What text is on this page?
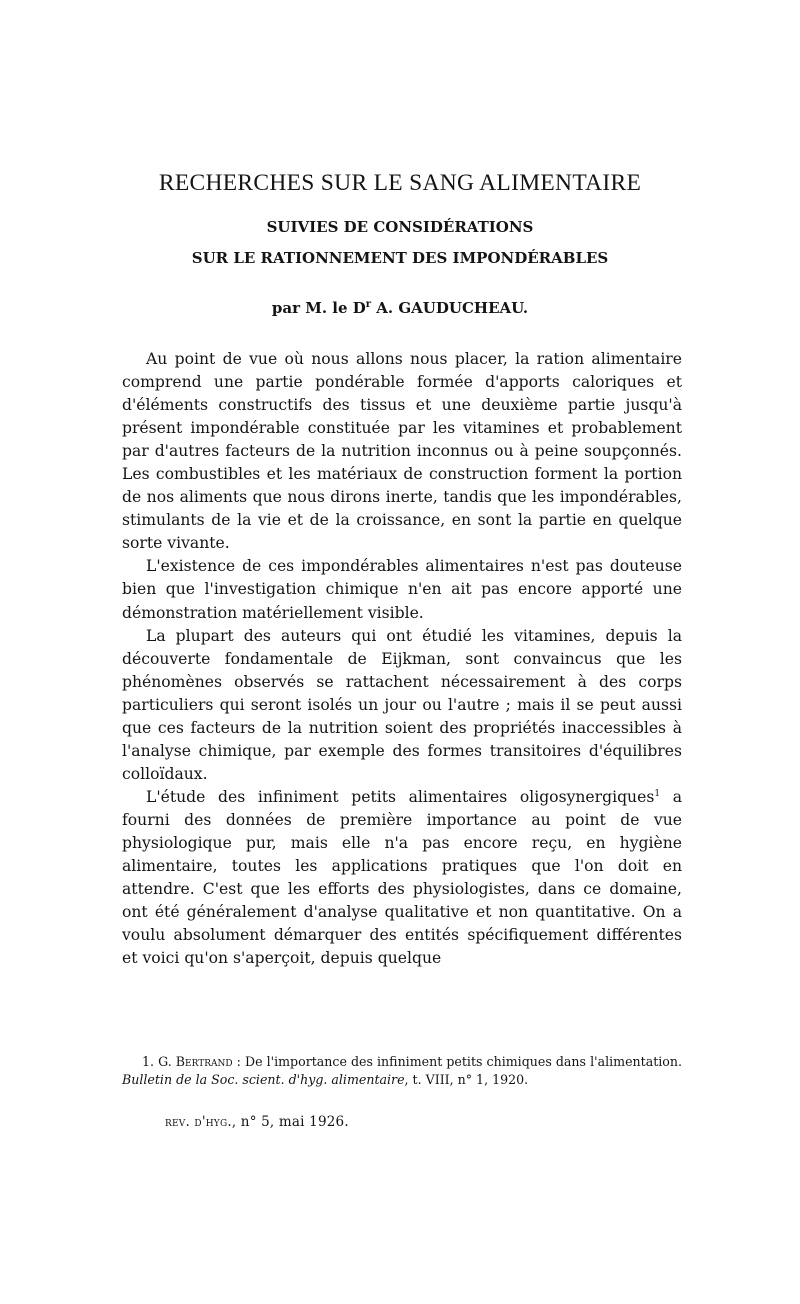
RECHERCHES SUR LE SANG ALIMENTAIRE
SUIVIES DE CONSIDÉRATIONS
SUR LE RATIONNEMENT DES IMPONDÉRABLES
par M. le $D^r$ A. GAUDUCHEAU.

Au point de vue où nous allons nous placer, la ration alimentaire comprend une partie pondérable formée d'apports caloriques et d'éléments constructifs des tissus et une deuxième partie jusqu'à présent impondérable constituée par les vitamines et probablement par d'autres facteurs de la nutrition inconnus ou à peine soupçonnés. Les combustibles et les matériaux de construction forment la portion de nos aliments que nous dirons inerte, tandis que les impondérables, stimulants de la vie et de la croissance, en sont la partie en quelque sorte vivante.

L'existence de ces impondérables alimentaires n'est pas douteuse bien que l'investigation chimique n'en ait pas encore apporté une démonstration matériellement visible.

La plupart des auteurs qui ont étudié les vitamines, depuis la découverte fondamentale de Eijkman, sont convaincus que les phénomènes observés se rattachent nécessairement à des corps particuliers qui seront isolés un jour ou l'autre ; mais il se peut aussi que ces facteurs de la nutrition soient des propriétés inaccessibles à l'analyse chimique, par exemple des formes transitoires d'équilibres colloïdaux.

L'étude des infiniment petits alimentaires oligosynergiques$^1$ a fourni des données de première importance au point de vue physiologique pur, mais elle n'a pas encore reçu, en hygiène alimentaire, toutes les applications pratiques que l'on doit en attendre. C'est que les efforts des physiologistes, dans ce domaine, ont été généralement d'analyse qualitative et non quantitative. On a voulu absolument démarquer des entités spécifiquement différentes et voici qu'on s'aperçoit, depuis quelque

1. G. Bertrand : De l'importance des infiniment petits chimiques dans l'alimentation. Bulletin de la Soc. scient. d'hyg. alimentaire, t. VIII, n° 1, 1920.

rev. d'hyg., n° 5, mai 1926.
